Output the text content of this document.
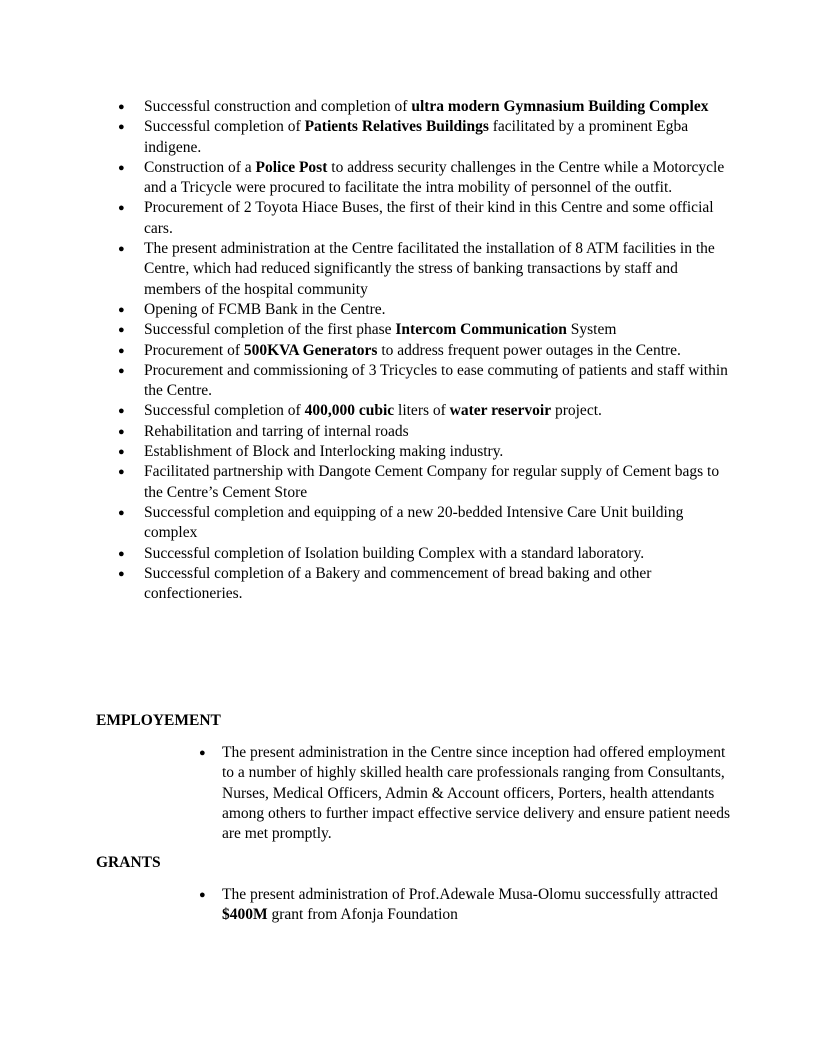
● Successful construction and completion of ultra modern Gymnasium Building Complex
● Successful completion of Patients Relatives Buildings facilitated by a prominent Egba indigene.
● Construction of a Police Post to address security challenges in the Centre while a Motorcycle and a Tricycle were procured to facilitate the intra mobility of personnel of the outfit.
● Procurement of 2 Toyota Hiace Buses, the first of their kind in this Centre and some official cars.
● The present administration at the Centre facilitated the installation of 8 ATM facilities in the Centre, which had reduced significantly the stress of banking transactions by staff and members of the hospital community
● Opening of FCMB Bank in the Centre.
● Successful completion of the first phase Intercom Communication System
● Procurement of 500KVA Generators to address frequent power outages in the Centre.
● Procurement and commissioning of 3 Tricycles to ease commuting of patients and staff within the Centre.
● Successful completion of 400,000 cubic liters of water reservoir project.
● Rehabilitation and tarring of internal roads
● Establishment of Block and Interlocking making industry.
● Facilitated partnership with Dangote Cement Company for regular supply of Cement bags to the Centre’s Cement Store
● Successful completion and equipping of a new 20-bedded Intensive Care Unit building complex
● Successful completion of Isolation building Complex with a standard laboratory.
● Successful completion of a Bakery and commencement of bread baking and other confectioneries.
EMPLOYEMENT
● The present administration in the Centre since inception had offered employment to a number of highly skilled health care professionals ranging from Consultants, Nurses, Medical Officers, Admin & Account officers, Porters, health attendants among others to further impact effective service delivery and ensure patient needs are met promptly.
GRANTS
● The present administration of Prof.Adewale Musa-Olomu successfully attracted $400M grant from Afonja Foundation
